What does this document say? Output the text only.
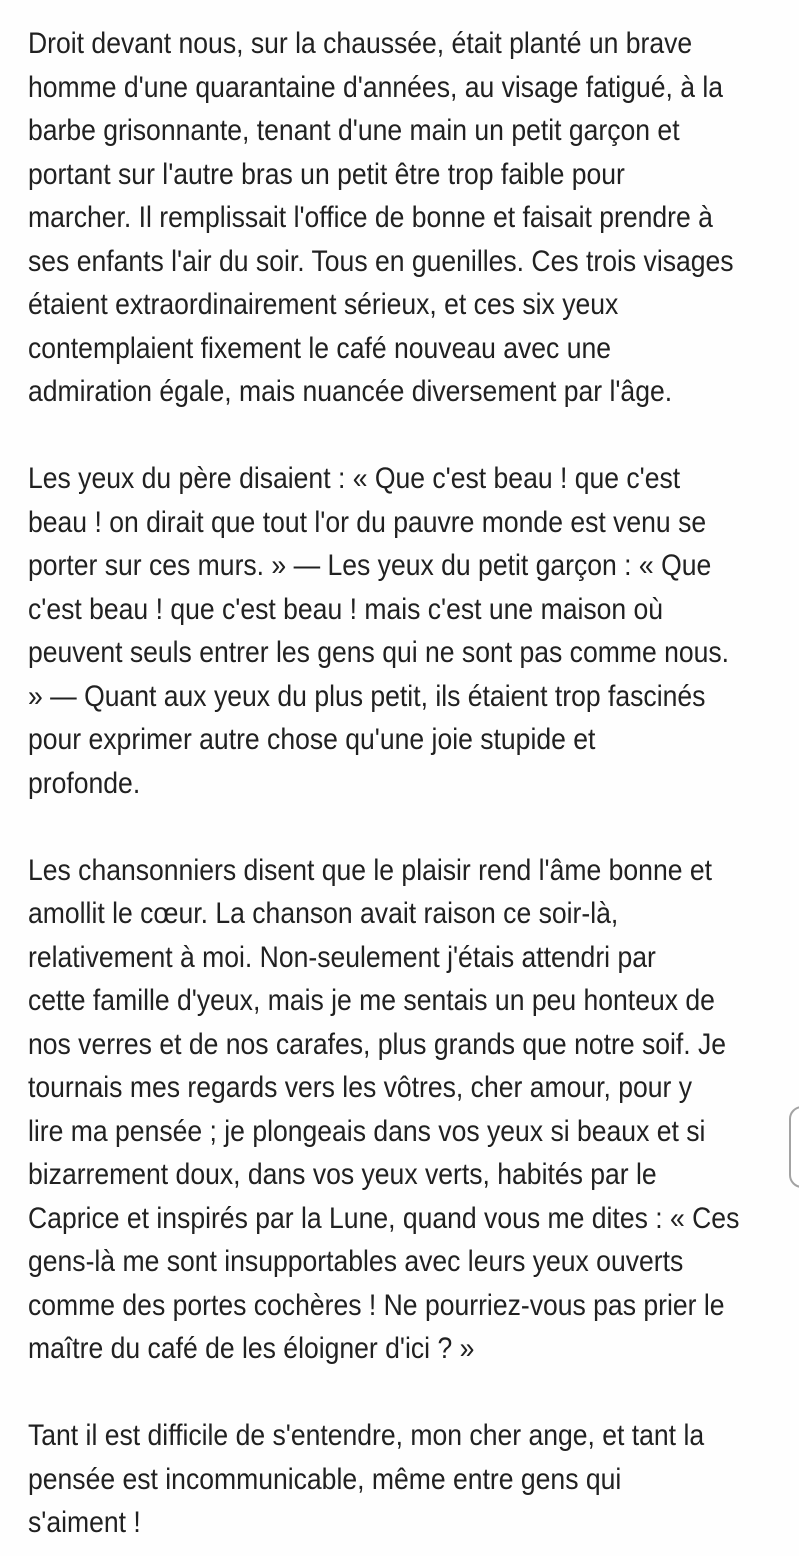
Droit devant nous, sur la chaussée, était planté un brave
homme d'une quarantaine d'années, au visage fatigué, à la
barbe grisonnante, tenant d'une main un petit garçon et
portant sur l'autre bras un petit être trop faible pour
marcher. Il remplissait l'office de bonne et faisait prendre à
ses enfants l'air du soir. Tous en guenilles. Ces trois visages
étaient extraordinairement sérieux, et ces six yeux
contemplaient fixement le café nouveau avec une
admiration égale, mais nuancée diversement par l'âge.

Les yeux du père disaient : « Que c'est beau ! que c'est
beau ! on dirait que tout l'or du pauvre monde est venu se
porter sur ces murs. » — Les yeux du petit garçon : « Que
c'est beau ! que c'est beau ! mais c'est une maison où
peuvent seuls entrer les gens qui ne sont pas comme nous.
» — Quant aux yeux du plus petit, ils étaient trop fascinés
pour exprimer autre chose qu'une joie stupide et
profonde.

Les chansonniers disent que le plaisir rend l'âme bonne et
amollit le cœur. La chanson avait raison ce soir-là,
relativement à moi. Non-seulement j'étais attendri par
cette famille d'yeux, mais je me sentais un peu honteux de
nos verres et de nos carafes, plus grands que notre soif. Je
tournais mes regards vers les vôtres, cher amour, pour y
lire ma pensée ; je plongeais dans vos yeux si beaux et si
bizarrement doux, dans vos yeux verts, habités par le
Caprice et inspirés par la Lune, quand vous me dites : « Ces
gens-là me sont insupportables avec leurs yeux ouverts
comme des portes cochères ! Ne pourriez-vous pas prier le
maître du café de les éloigner d'ici ? »

Tant il est difficile de s'entendre, mon cher ange, et tant la
pensée est incommunicable, même entre gens qui
s'aiment !
